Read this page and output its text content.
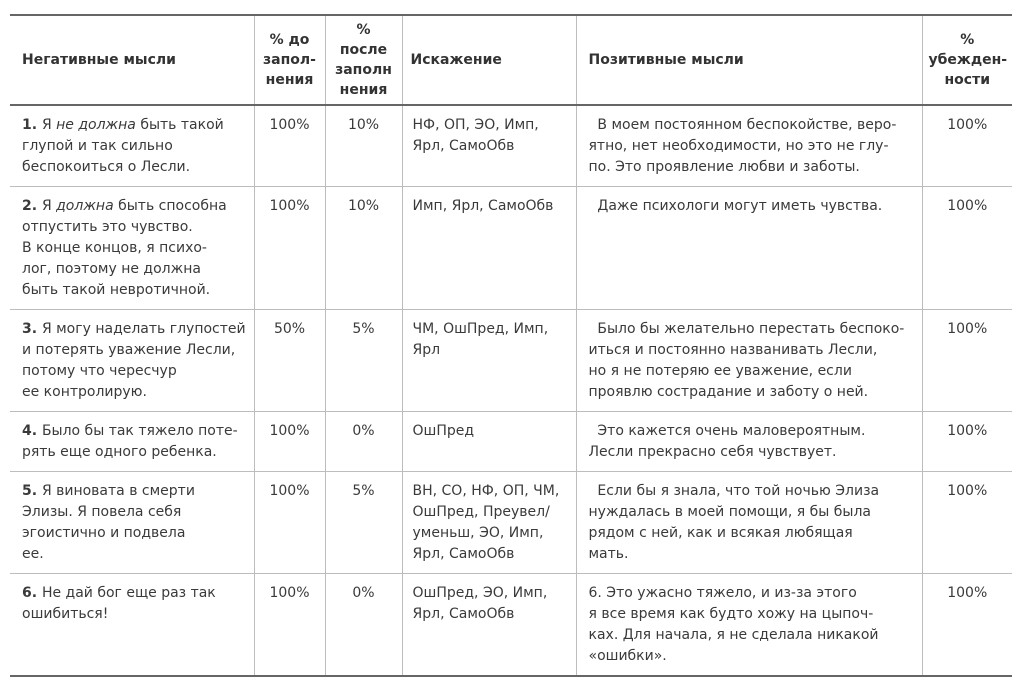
Негативные мысли	% до
запол-
нения	% после
заполн
нения	Искажение	Позитивные мысли	%
убежден-
ности

1. Я не должна быть такой
глупой и так сильно
беспокоиться о Лесли.	100%	10%	НФ, ОП, ЭО, Имп,
Ярл, СамоОбв	В моем постоянном беспокойстве, веро-
ятно, нет необходимости, но это не глу-
по. Это проявление любви и заботы.	100%

2. Я должна быть способна
отпустить это чувство.
В конце концов, я психо-
лог, поэтому не должна
быть такой невротичной.	100%	10%	Имп, Ярл, СамоОбв	Даже психологи могут иметь чувства.	100%

3. Я могу наделать глупостей
и потерять уважение Лесли,
потому что чересчур
ее контролирую.	50%	5%	ЧМ, ОшПред, Имп,
Ярл	Было бы желательно перестать беспоко-
иться и постоянно названивать Лесли,
но я не потеряю ее уважение, если
проявлю сострадание и заботу о ней.	100%

4. Было бы так тяжело поте-
рять еще одного ребенка.	100%	0%	ОшПред	Это кажется очень маловероятным.
Лесли прекрасно себя чувствует.	100%

5. Я виновата в смерти
Элизы. Я повела себя
эгоистично и подвела
ее.	100%	5%	ВН, СО, НФ, ОП, ЧМ,
ОшПред, Преувел/
уменьш, ЭО, Имп,
Ярл, СамоОбв	Если бы я знала, что той ночью Элиза
нуждалась в моей помощи, я бы была
рядом с ней, как и всякая любящая
мать.	100%

6. Не дай бог еще раз так
ошибиться!	100%	0%	ОшПред, ЭО, Имп,
Ярл, СамоОбв	6. Это ужасно тяжело, и из-за этого
я все время как будто хожу на цыпоч-
ках. Для начала, я не сделала никакой
«ошибки».	100%
